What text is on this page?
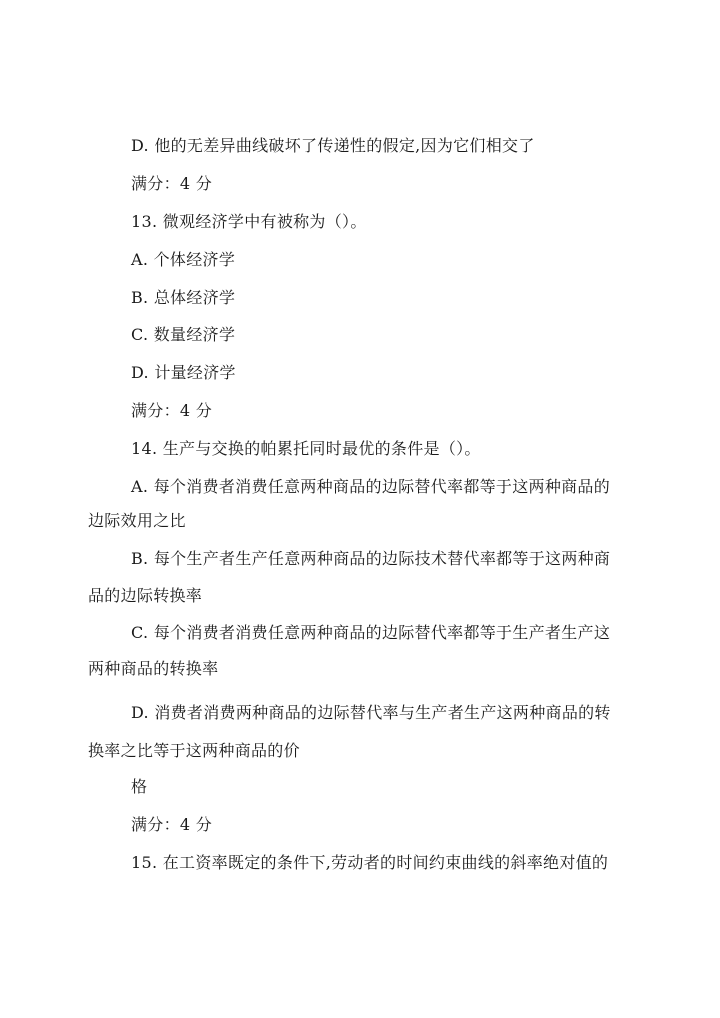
D. 他的无差异曲线破坏了传递性的假定,因为它们相交了
满分：4 分
13. 微观经济学中有被称为（）。
A. 个体经济学
B. 总体经济学
C. 数量经济学
D. 计量经济学
满分：4 分
14. 生产与交换的帕累托同时最优的条件是（）。
A. 每个消费者消费任意两种商品的边际替代率都等于这两种商品的
边际效用之比
B. 每个生产者生产任意两种商品的边际技术替代率都等于这两种商
品的边际转换率
C. 每个消费者消费任意两种商品的边际替代率都等于生产者生产这
两种商品的转换率
D. 消费者消费两种商品的边际替代率与生产者生产这两种商品的转
换率之比等于这两种商品的价
格
满分：4 分
15. 在工资率既定的条件下,劳动者的时间约束曲线的斜率绝对值的
